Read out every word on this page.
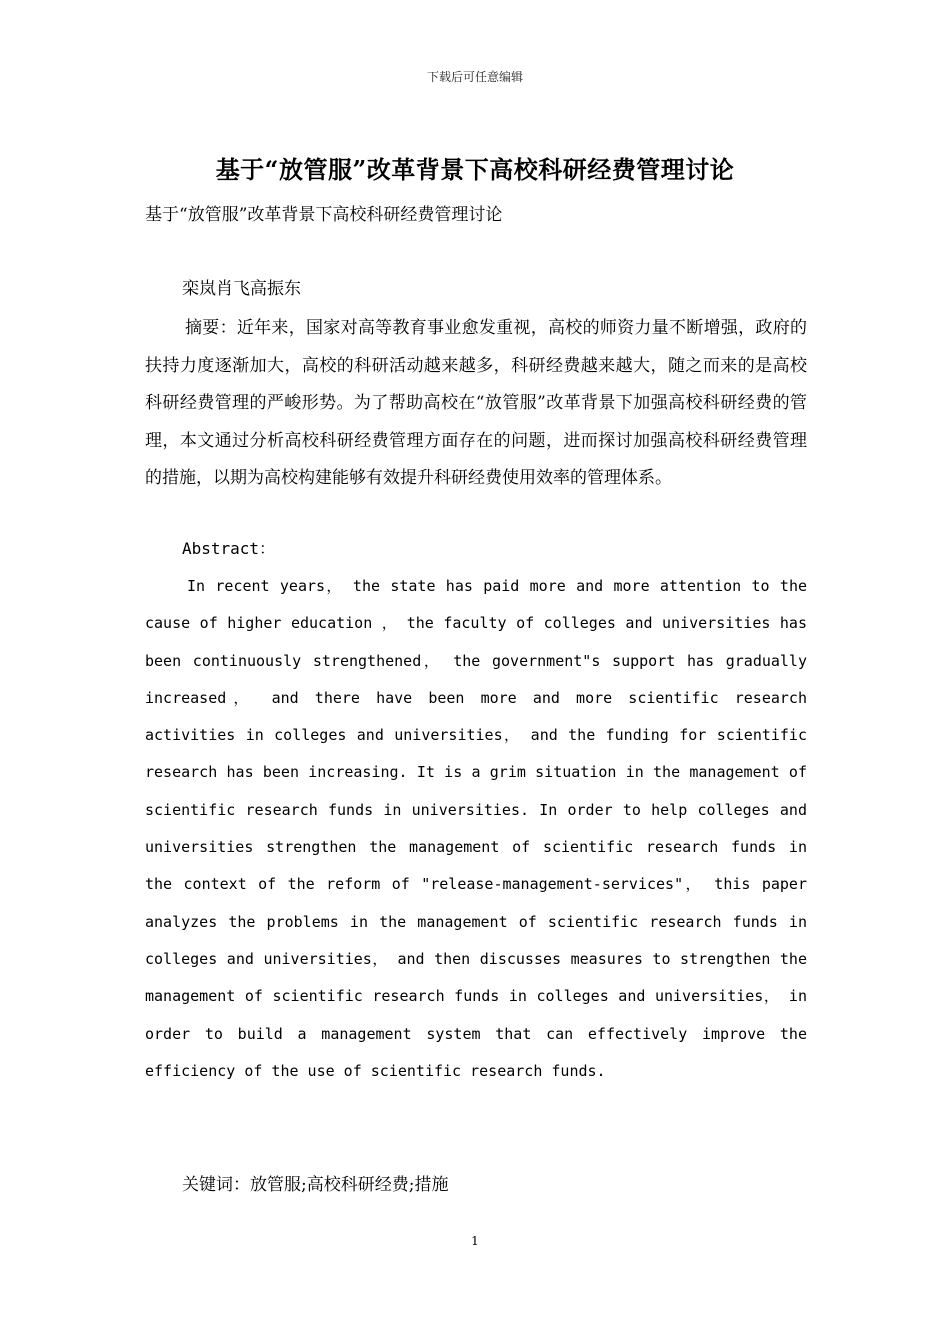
下载后可任意编辑
基于“放管服”改革背景下高校科研经费管理讨论
基于“放管服”改革背景下高校科研经费管理讨论
栾岚肖飞高振东
摘要：近年来，国家对高等教育事业愈发重视，高校的师资力量不断增强，政府的扶持力度逐渐加大，高校的科研活动越来越多，科研经费越来越大，随之而来的是高校科研经费管理的严峻形势。为了帮助高校在“放管服”改革背景下加强高校科研经费的管理，本文通过分析高校科研经费管理方面存在的问题，进而探讨加强高校科研经费管理的措施，以期为高校构建能够有效提升科研经费使用效率的管理体系。
Abstract：
In recent years， the state has paid more and more attention to the cause of higher education ， the faculty of colleges and universities has been continuously strengthened， the government"s support has gradually increased， and there have been more and more scientific research activities in colleges and universities， and the funding for scientific research has been increasing. It is a grim situation in the management of scientific research funds in universities. In order to help colleges and universities strengthen the management of scientific research funds in the context of the reform of "release-management-services"， this paper analyzes the problems in the management of scientific research funds in colleges and universities， and then discusses measures to strengthen the management of scientific research funds in colleges and universities， in order to build a management system that can effectively improve the efficiency of the use of scientific research funds.
关键词：放管服;高校科研经费;措施
1
